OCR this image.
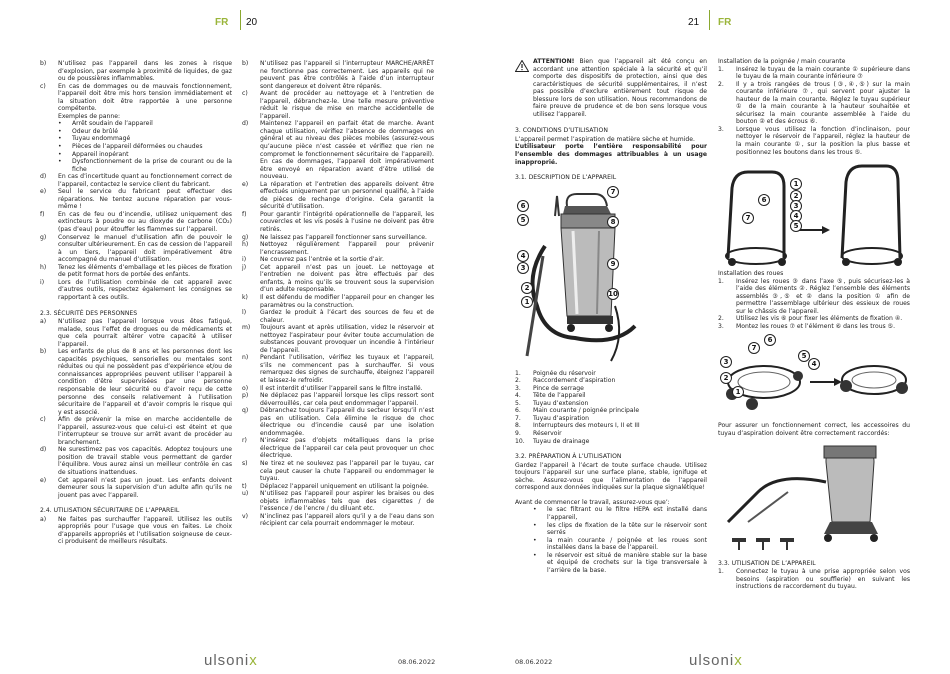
FR 20
b)	N’utilisez pas l’appareil dans les zones à risque d’explosion, par exemple à proximité de liquides, de gaz ou de poussières inflammables.
c)	En cas de dommages ou de mauvais fonctionnement, l’appareil doit être mis hors tension immédiatement et la situation doit être rapportée à une personne compétente.
Exemples de panne:
•	Arrêt soudain de l’appareil
•	Odeur de brûlé
•	Tuyau endommagé
•	Pièces de l’appareil déformées ou chaudes
•	Appareil inopérant
•	Dysfonctionnement de la prise de courant ou de la fiche
d)	En cas d’incertitude quant au fonctionnement correct de l’appareil, contactez le service client du fabricant.
e)	Seul le service du fabricant peut effectuer des réparations. Ne tentez aucune réparation par vous-même !
f)	En cas de feu ou d’incendie, utilisez uniquement des extincteurs à poudre ou au dioxyde de carbone (CO₂) (pas d’eau) pour étouffer les flammes sur l’appareil.
g)	Conservez le manuel d’utilisation afin de pouvoir le consulter ultérieurement. En cas de cession de l’appareil à un tiers, l’appareil doit impérativement être accompagné du manuel d’utilisation.
h)	Tenez les éléments d’emballage et les pièces de fixation de petit format hors de portée des enfants.
i)	Lors de l’utilisation combinée de cet appareil avec d’autres outils, respectez également les consignes se rapportant à ces outils.
2.3. SÉCURITÉ DES PERSONNES
a)	N’utilisez pas l’appareil lorsque vous êtes fatigué, malade, sous l’effet de drogues ou de médicaments et que cela pourrait altérer votre capacité à utiliser l’appareil.
b)	Les enfants de plus de 8 ans et les personnes dont les capacités psychiques, sensorielles ou mentales sont réduites ou qui ne possèdent pas d’expérience et/ou de connaissances appropriées peuvent utiliser l’appareil à condition d’être supervisées par une personne responsable de leur sécurité ou d’avoir reçu de cette personne des conseils relativement à l’utilisation sécuritaire de l’appareil et d’avoir compris le risque qui y est associé.
c)	Afin de prévenir la mise en marche accidentelle de l’appareil, assurez-vous que celui-ci est éteint et que l’interrupteur se trouve sur arrêt avant de procéder au branchement.
d)	Ne surestimez pas vos capacités. Adoptez toujours une position de travail stable vous permettant de garder l’équilibre. Vous aurez ainsi un meilleur contrôle en cas de situations inattendues.
e)	Cet appareil n’est pas un jouet. Les enfants doivent demeurer sous la supervision d’un adulte afin qu’ils ne jouent pas avec l’appareil.
2.4. UTILISATION SÉCURITAIRE DE L’APPAREIL
a)	Ne faites pas surchauffer l’appareil. Utilisez les outils appropriés pour l’usage que vous en faites. Le choix d’appareils appropriés et l’utilisation soigneuse de ceux-ci produisent de meilleurs résultats.
b)	N’utilisez pas l’appareil si l’interrupteur MARCHE/ARRÊT ne fonctionne pas correctement. Les appareils qui ne peuvent pas être contrôlés à l’aide d’un interrupteur sont dangereux et doivent être réparés.
c)	Avant de procéder au nettoyage et à l’entretien de l’appareil, débranchez-le. Une telle mesure préventive réduit le risque de mise en marche accidentelle de l’appareil.
d)	Maintenez l’appareil en parfait état de marche. Avant chaque utilisation, vérifiez l’absence de dommages en général et au niveau des pièces mobiles (assurez-vous qu’aucune pièce n’est cassée et vérifiez que rien ne compromet le fonctionnement sécuritaire de l’appareil). En cas de dommages, l’appareil doit impérativement être envoyé en réparation avant d’être utilisé de nouveau.
e)	La réparation et l’entretien des appareils doivent être effectués uniquement par un personnel qualifié, à l’aide de pièces de rechange d’origine. Cela garantit la sécurité d’utilisation.
f)	Pour garantir l’intégrité opérationnelle de l’appareil, les couvercles et les vis posés à l’usine ne doivent pas être retirés.
g)	Ne laissez pas l’appareil fonctionner sans surveillance.
h)	Nettoyez régulièrement l’appareil pour prévenir l’encrassement.
i)	Ne couvrez pas l’entrée et la sortie d’air.
j)	Cet appareil n’est pas un jouet. Le nettoyage et l’entretien ne doivent pas être effectués par des enfants, à moins qu’ils se trouvent sous la supervision d’un adulte responsable.
k)	Il est défendu de modifier l’appareil pour en changer les paramètres ou la construction.
l)	Gardez le produit à l’écart des sources de feu et de chaleur.
m)	Toujours avant et après utilisation, videz le réservoir et nettoyez l’aspirateur pour éviter toute accumulation de substances pouvant provoquer un incendie à l’intérieur de l’appareil.
n)	Pendant l’utilisation, vérifiez les tuyaux et l’appareil, s’ils ne commencent pas à surchauffer. Si vous remarquez des signes de surchauffe, éteignez l’appareil et laissez-le refroidir.
o)	Il est interdit d’utiliser l’appareil sans le filtre installé.
p)	Ne déplacez pas l’appareil lorsque les clips ressort sont déverrouillés, car cela peut endommager l’appareil.
q)	Débranchez toujours l’appareil du secteur lorsqu’il n’est pas en utilisation. Cela élimine le risque de choc électrique ou d’incendie causé par une isolation endommagée.
r)	N’insérez pas d’objets métalliques dans la prise électrique de l’appareil car cela peut provoquer un choc électrique.
s)	Ne tirez et ne soulevez pas l’appareil par le tuyau, car cela peut causer la chute l’appareil ou endommager le tuyau.
t)	Déplacez l’appareil uniquement en utilisant la poignée.
u)	N’utilisez pas l’appareil pour aspirer les braises ou des objets inflammables tels que des cigarettes / de l’essence / de l’encre / du diluant etc.
v)	N’inclinez pas l’appareil alors qu’il y a de l’eau dans son récipient car cela pourrait endommager le moteur.
ulsonix	08.06.2022
21 FR
ATTENTION! Bien que l’appareil ait été conçu en accordant une attention spéciale à la sécurité et qu’il comporte des dispositifs de protection, ainsi que des caractéristiques de sécurité supplémentaires, il n’est pas possible d’exclure entièrement tout risque de blessure lors de son utilisation. Nous recommandons de faire preuve de prudence et de bon sens lorsque vous utilisez l’appareil.
3. CONDITIONS D’UTILISATION
L’appareil permet l’aspiration de matière sèche et humide.
L’utilisateur porte l’entière responsabilité pour l’ensemble des dommages attribuables à un usage inapproprié.
3.1. DESCRIPTION DE L’APPAREIL
7
6
8
5
4
3
2
1
9
10
1.	Poignée du réservoir
2.	Raccordement d’aspiration
3.	Pince de serrage
4.	Tête de l’appareil
5.	Tuyau d’extension
6.	Main courante / poignée principale
7.	Tuyau d’aspiration
8.	Interrupteurs des moteurs I, II et III
9.	Réservoir
10.	Tuyau de drainage
3.2. PRÉPARATION À L’UTILISATION
Gardez l’appareil à l’écart de toute surface chaude. Utilisez toujours l’appareil sur une surface plane, stable, ignifuge et sèche. Assurez-vous que l’alimentation de l’appareil correspond aux données indiquées sur la plaque signalétique!
Avant de commencer le travail, assurez-vous que’:
•	le sac filtrant ou le filtre HEPA est installé dans l’appareil,
•	les clips de fixation de la tête sur le réservoir sont serrés
•	la main courante / poignée et les roues sont installées dans la base de l’appareil.
•	le réservoir est situé de manière stable sur la base et équipé de crochets sur la tige transversale à l’arrière de la base.
Installation de la poignée / main courante
1.	Insérez le tuyau de la main courante ① supérieure dans le tuyau de la main courante inférieure ⑦
2.	Il y a trois rangées de trous (③,④,⑤) sur la main courante inférieure ⑦, qui servent pour ajuster la hauteur de la main courante. Réglez le tuyau supérieur ① de la main courante à la hauteur souhaitée et sécurisez la main courante assemblée à l’aide du bouton ② et des écrous ⑥.
3.	Lorsque vous utilisez la fonction d’inclinaison, pour nettoyer le réservoir de l’appareil, réglez la hauteur de la main courante ①, sur la position la plus basse et positionnez les boutons dans les trous ⑤.
6
1
2
3
4
5
7
Installation des roues
1.	Insérez les roues ③ dans l’axe ⑤, puis sécurisez-les à l’aide des éléments ②. Réglez l’ensemble des éléments assemblés ③,⑤ et ② dans la position ① afin de permettre l’assemblage ultérieur des essieux de roues sur le châssis de l’appareil.
2.	Utilisez les vis ⑥ pour fixer les éléments de fixation ④.
3.	Montez les roues ⑦ et l’élément ⑥ dans les trous ⑤.
6
7
5
4
3
2
1
Pour assurer un fonctionnement correct, les accessoires du tuyau d’aspiration doivent être correctement raccordés:
3.3. UTILISATION DE L’APPAREIL
1.	Connectez le tuyau à une prise appropriée selon vos besoins (aspiration ou soufflerie) en suivant les instructions de raccordement du tuyau.
08.06.2022	ulsonix
